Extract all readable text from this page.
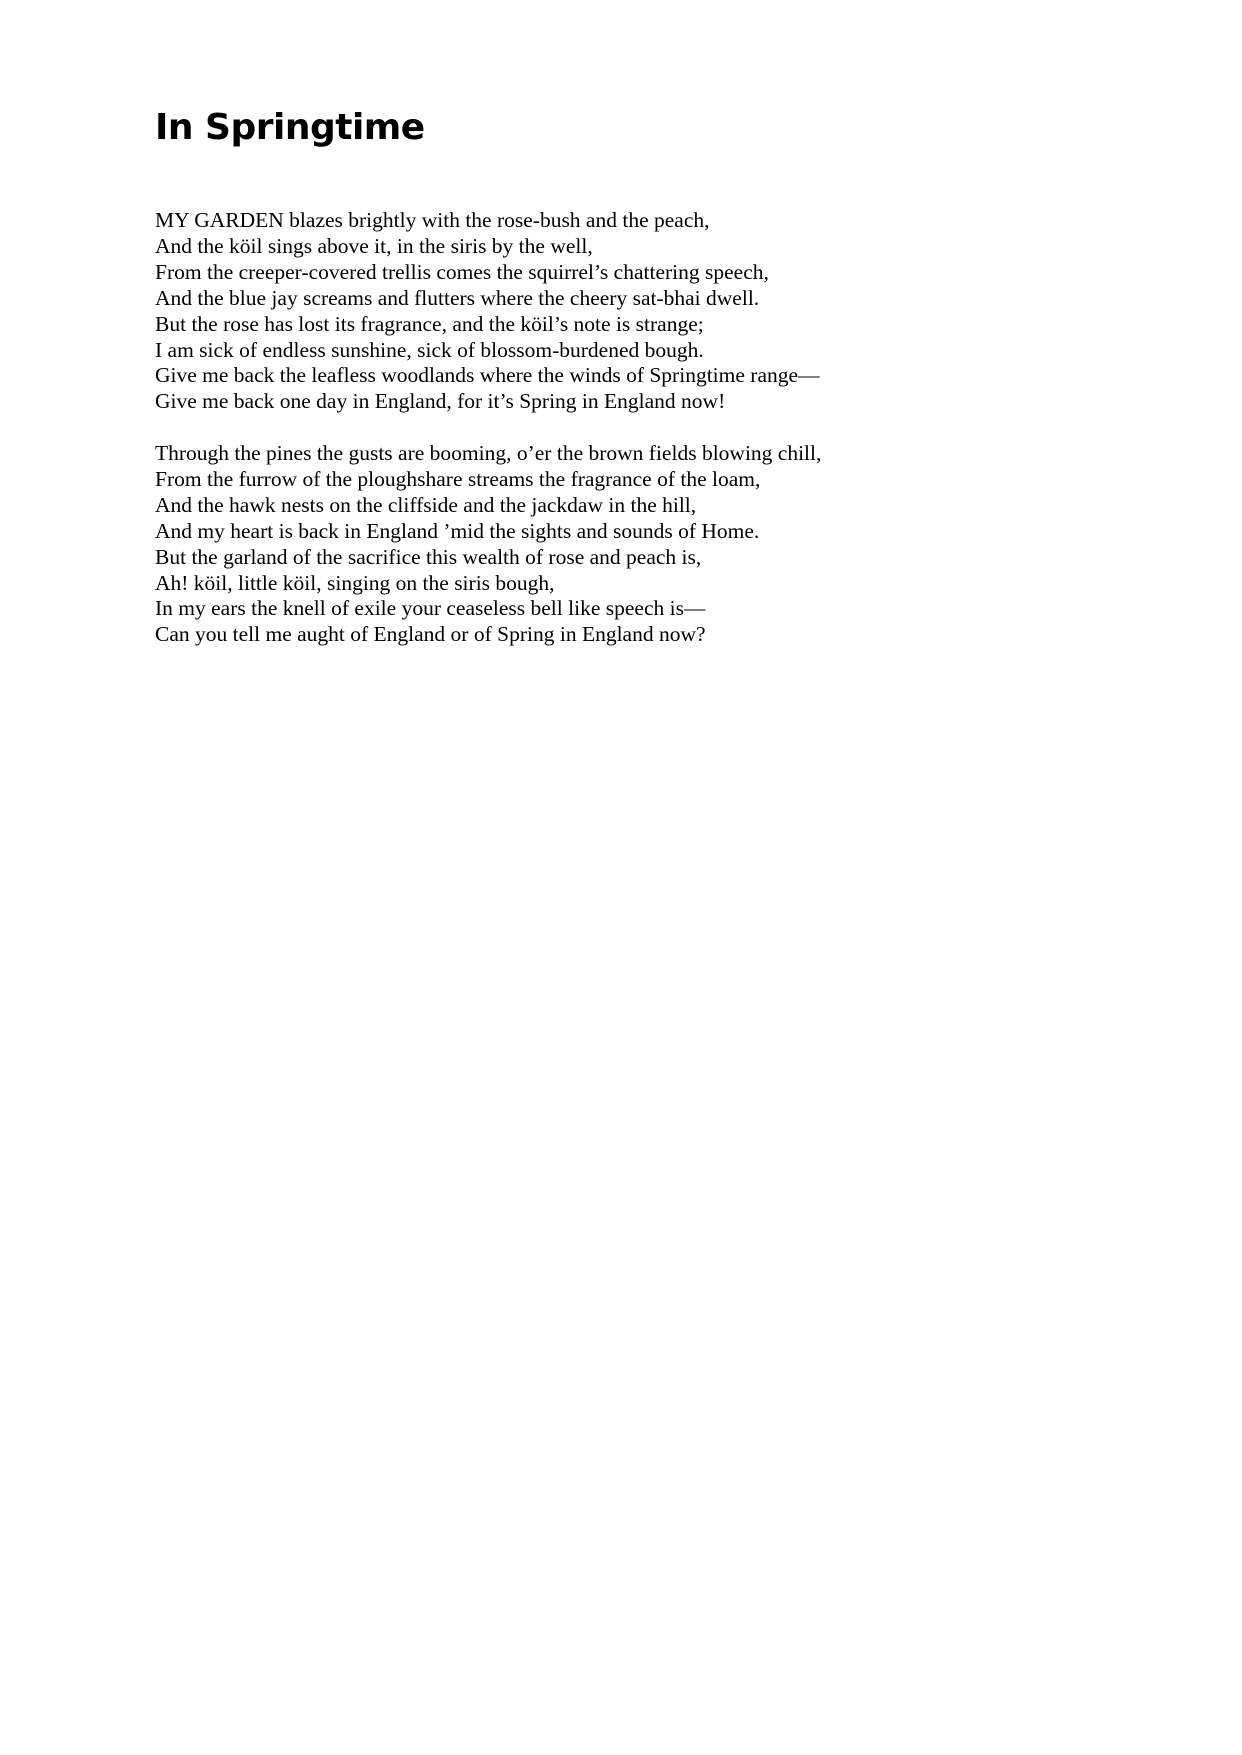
In Springtime
MY GARDEN blazes brightly with the rose-bush and the peach,
And the köil sings above it, in the siris by the well,
From the creeper-covered trellis comes the squirrel’s chattering speech,
And the blue jay screams and flutters where the cheery sat-bhai dwell.
But the rose has lost its fragrance, and the köil’s note is strange;
I am sick of endless sunshine, sick of blossom-burdened bough.
Give me back the leafless woodlands where the winds of Springtime range—
Give me back one day in England, for it’s Spring in England now!
Through the pines the gusts are booming, o’er the brown fields blowing chill,
From the furrow of the ploughshare streams the fragrance of the loam,
And the hawk nests on the cliffside and the jackdaw in the hill,
And my heart is back in England ’mid the sights and sounds of Home.
But the garland of the sacrifice this wealth of rose and peach is,
Ah! köil, little köil, singing on the siris bough,
In my ears the knell of exile your ceaseless bell like speech is—
Can you tell me aught of England or of Spring in England now?
